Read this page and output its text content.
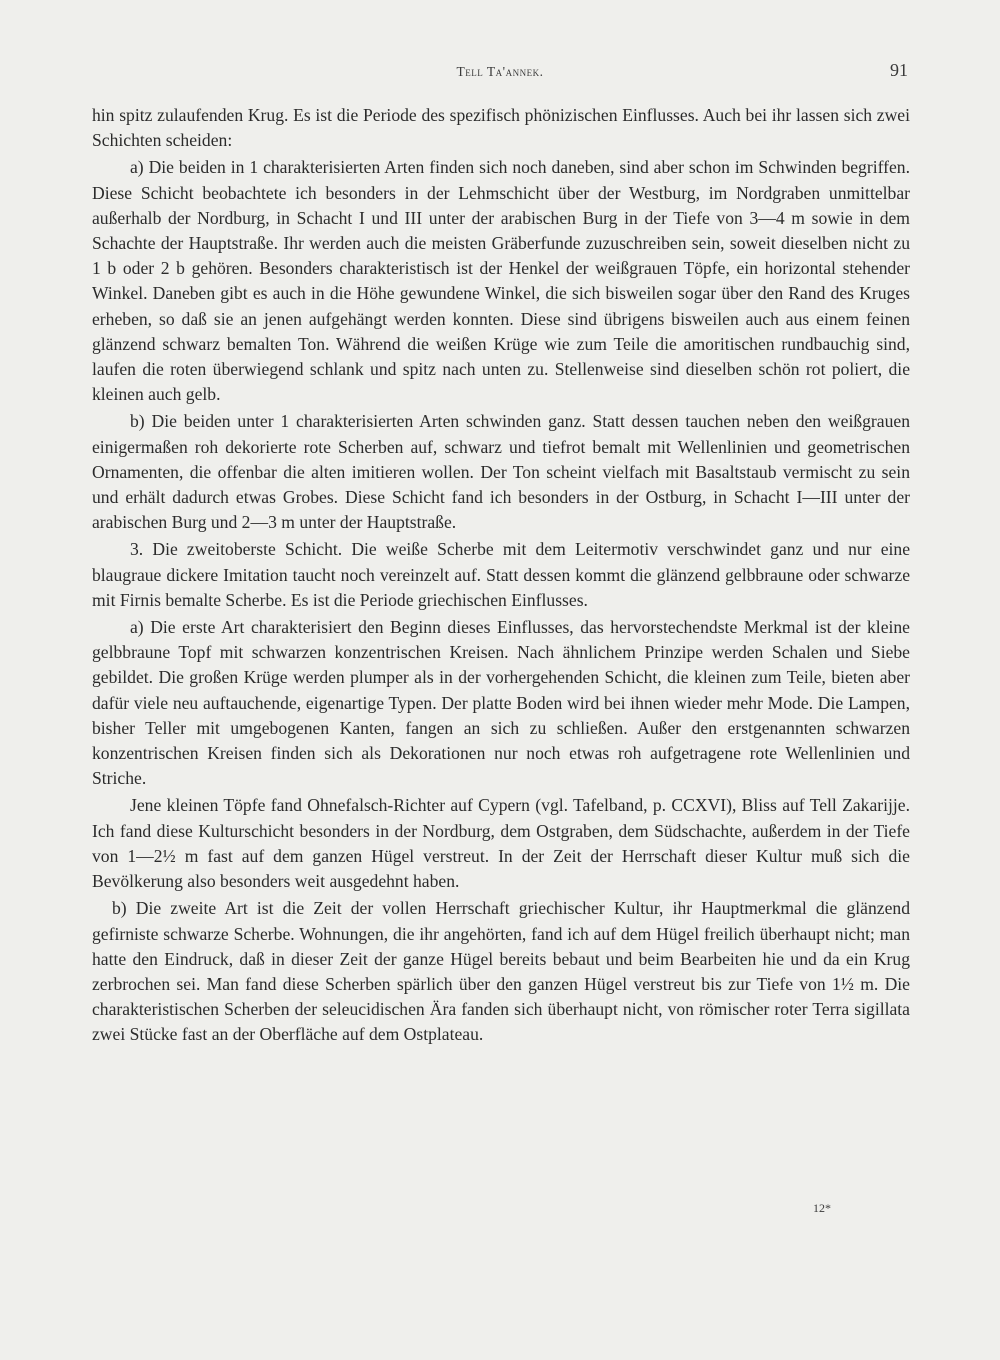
Tell Ta'annek.	91

hin spitz zulaufenden Krug. Es ist die Periode des spezifisch phönizischen Einflusses. Auch bei ihr lassen sich zwei Schichten scheiden:

a) Die beiden in 1 charakterisierten Arten finden sich noch daneben, sind aber schon im Schwinden begriffen. Diese Schicht beobachtete ich besonders in der Lehmschicht über der Westburg, im Nordgraben unmittelbar außerhalb der Nordburg, in Schacht I und III unter der arabischen Burg in der Tiefe von 3—4 m sowie in dem Schachte der Hauptstraße. Ihr werden auch die meisten Gräberfunde zuzuschreiben sein, soweit dieselben nicht zu 1 b oder 2 b gehören. Besonders charakteristisch ist der Henkel der weißgrauen Töpfe, ein horizontal stehender Winkel. Daneben gibt es auch in die Höhe gewundene Winkel, die sich bisweilen sogar über den Rand des Kruges erheben, so daß sie an jenen aufgehängt werden konnten. Diese sind übrigens bisweilen auch aus einem feinen glänzend schwarz bemalten Ton. Während die weißen Krüge wie zum Teile die amoritischen rundbauchig sind, laufen die roten überwiegend schlank und spitz nach unten zu. Stellenweise sind dieselben schön rot poliert, die kleinen auch gelb.

b) Die beiden unter 1 charakterisierten Arten schwinden ganz. Statt dessen tauchen neben den weißgrauen einigermaßen roh dekorierte rote Scherben auf, schwarz und tiefrot bemalt mit Wellenlinien und geometrischen Ornamenten, die offenbar die alten imitieren wollen. Der Ton scheint vielfach mit Basaltstaub vermischt zu sein und erhält dadurch etwas Grobes. Diese Schicht fand ich besonders in der Ostburg, in Schacht I—III unter der arabischen Burg und 2—3 m unter der Hauptstraße.

3. Die zweitoberste Schicht. Die weiße Scherbe mit dem Leitermotiv verschwindet ganz und nur eine blaugraue dickere Imitation taucht noch vereinzelt auf. Statt dessen kommt die glänzend gelbbraune oder schwarze mit Firnis bemalte Scherbe. Es ist die Periode griechischen Einflusses.

a) Die erste Art charakterisiert den Beginn dieses Einflusses, das hervorstechendste Merkmal ist der kleine gelbbraune Topf mit schwarzen konzentrischen Kreisen. Nach ähnlichem Prinzipe werden Schalen und Siebe gebildet. Die großen Krüge werden plumper als in der vorhergehenden Schicht, die kleinen zum Teile, bieten aber dafür viele neu auftauchende, eigenartige Typen. Der platte Boden wird bei ihnen wieder mehr Mode. Die Lampen, bisher Teller mit umgebogenen Kanten, fangen an sich zu schließen. Außer den erstgenannten schwarzen konzentrischen Kreisen finden sich als Dekorationen nur noch etwas roh aufgetragene rote Wellenlinien und Striche.

Jene kleinen Töpfe fand Ohnefalsch-Richter auf Cypern (vgl. Tafelband, p. CCXVI), Bliss auf Tell Zakarijje. Ich fand diese Kulturschicht besonders in der Nordburg, dem Ostgraben, dem Südschachte, außerdem in der Tiefe von 1—2½ m fast auf dem ganzen Hügel verstreut. In der Zeit der Herrschaft dieser Kultur muß sich die Bevölkerung also besonders weit ausgedehnt haben.

b) Die zweite Art ist die Zeit der vollen Herrschaft griechischer Kultur, ihr Hauptmerkmal die glänzend gefirniste schwarze Scherbe. Wohnungen, die ihr angehörten, fand ich auf dem Hügel freilich überhaupt nicht; man hatte den Eindruck, daß in dieser Zeit der ganze Hügel bereits bebaut und beim Bearbeiten hie und da ein Krug zerbrochen sei. Man fand diese Scherben spärlich über den ganzen Hügel verstreut bis zur Tiefe von 1½ m. Die charakteristischen Scherben der seleucidischen Ära fanden sich überhaupt nicht, von römischer roter Terra sigillata zwei Stücke fast an der Oberfläche auf dem Ostplateau.

12*
